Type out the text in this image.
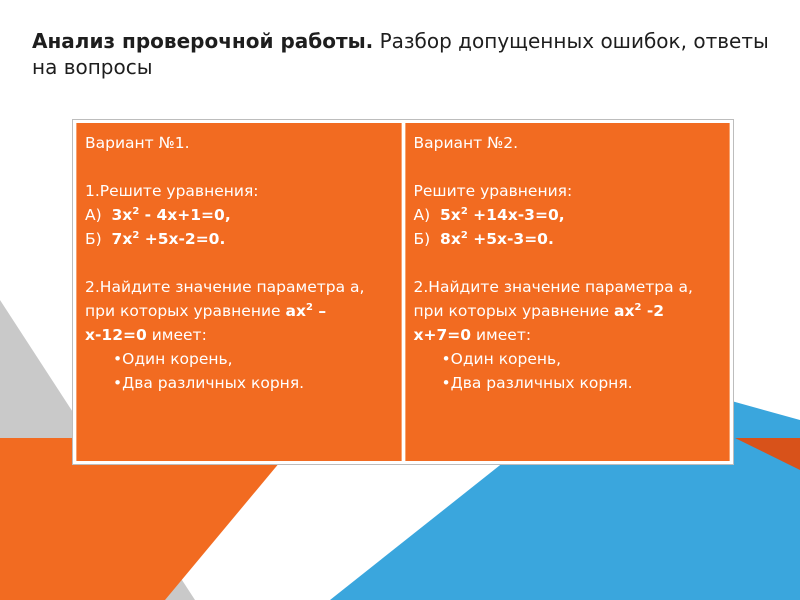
Анализ проверочной работы. Разбор допущенных ошибок, ответы на вопросы

Вариант №1.

1.Решите уравнения:

А) $3х^2 - 4х+1=0$,

Б) $7х^2 +5х-2=0$.

2.Найдите значение параметра а, при которых уравнение $ах^2 - х-12=0$ имеет:

•Один корень,

•Два различных корня.

Вариант №2.

Решите уравнения:

А) $5х^2 +14х-3=0$,

Б) $8х^2 +5х-3=0$.

2.Найдите значение параметра а, при которых уравнение $ах^2$ -2 х+7=0 имеет:

•Один корень,

•Два различных корня.
